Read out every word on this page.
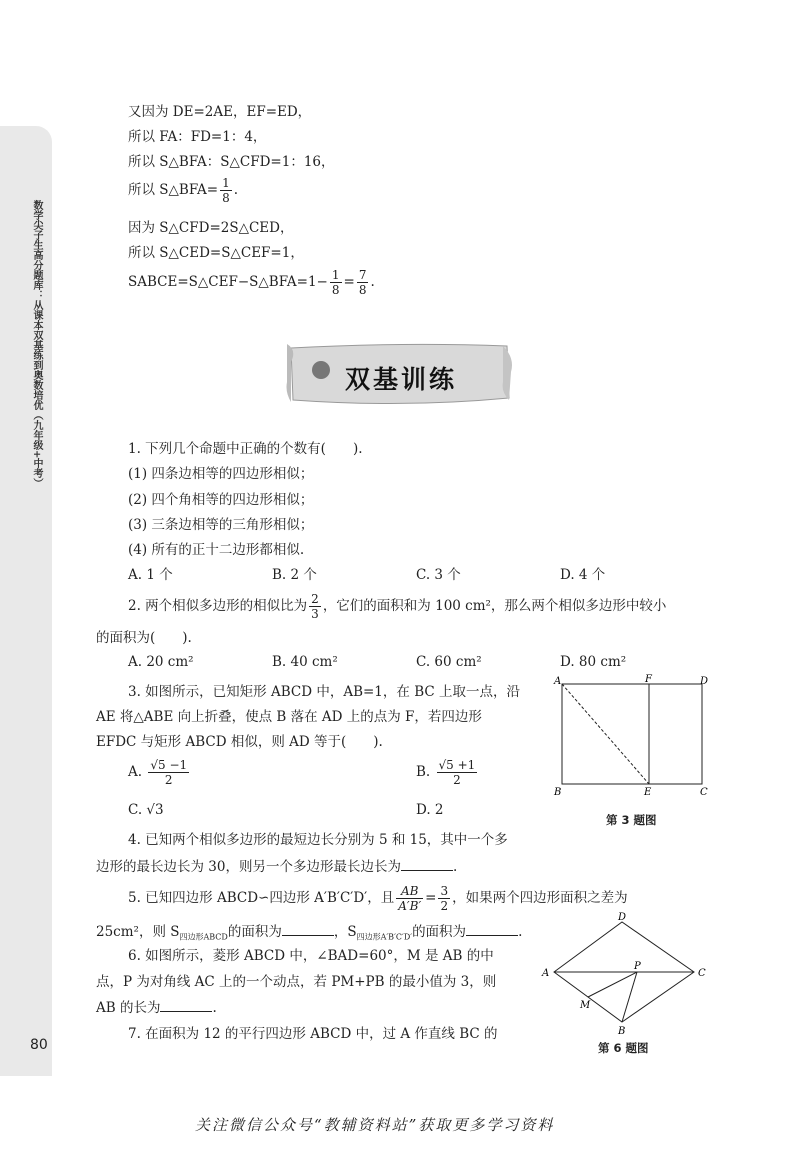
数学尖子生高分题库：从课本双基练到奥数培优（九年级+中考）
80
又因为 DE=2AE，EF=ED，
所以 FA：FD=1：4，
所以 S△BFA：S△CFD=1：16，
所以 S△BFA= $\frac{1}{8}$ .
因为 S△CFD=2S△CED，
所以 S△CED=S△CEF=1，
SABCE=S△CEF−S△BFA=1− $\frac{1}{8} = \frac{7}{8}$ .
双基训练
1. 下列几个命题中正确的个数有(　　).
(1) 四条边相等的四边形相似；
(2) 四个角相等的四边形相似；
(3) 三条边相等的三角形相似；
(4) 所有的正十二边形都相似.
A. 1 个	B. 2 个	C. 3 个	D. 4 个
2. 两个相似多边形的相似比为 $\frac{2}{3}$ ，它们的面积和为 100 cm²，那么两个相似多边形中较小
的面积为(　　).
A. 20 cm²	B. 40 cm²	C. 60 cm²	D. 80 cm²
3. 如图所示，已知矩形 ABCD 中，AB=1，在 BC 上取一点，沿
AE 将△ABE 向上折叠，使点 B 落在 AD 上的点为 F，若四边形
EFDC 与矩形 ABCD 相似，则 AD 等于(　　).
A. $\frac{√5 -1}{2}$	B. $\frac{√5 +1}{2}$
C. √3	D. 2
A	F	D
B	E	C
第 3 题图
4. 已知两个相似多边形的最短边长分别为 5 和 15，其中一个多
边形的最长边长为 30，则另一个多边形最长边长为	.
5. 已知四边形 ABCD∽四边形 A′B′C′D′，且 $\frac{AB}{A'B'} = \frac{3}{2}$ ，如果两个四边形面积之差为
25cm²，则 $S_{四边形ABCD}$的面积为	，$S_{四边形A'B'C'D'}$的面积为	.
6. 如图所示，菱形 ABCD 中，∠BAD=60°，M 是 AB 的中
点，P 为对角线 AC 上的一个动点，若 PM+PB 的最小值为 3，则
AB 的长为	.
D
A
P
C
M
B
第 6 题图
7. 在面积为 12 的平行四边形 ABCD 中，过 A 作直线 BC 的
关注微信公众号“教辅资料站”获取更多学习资料
